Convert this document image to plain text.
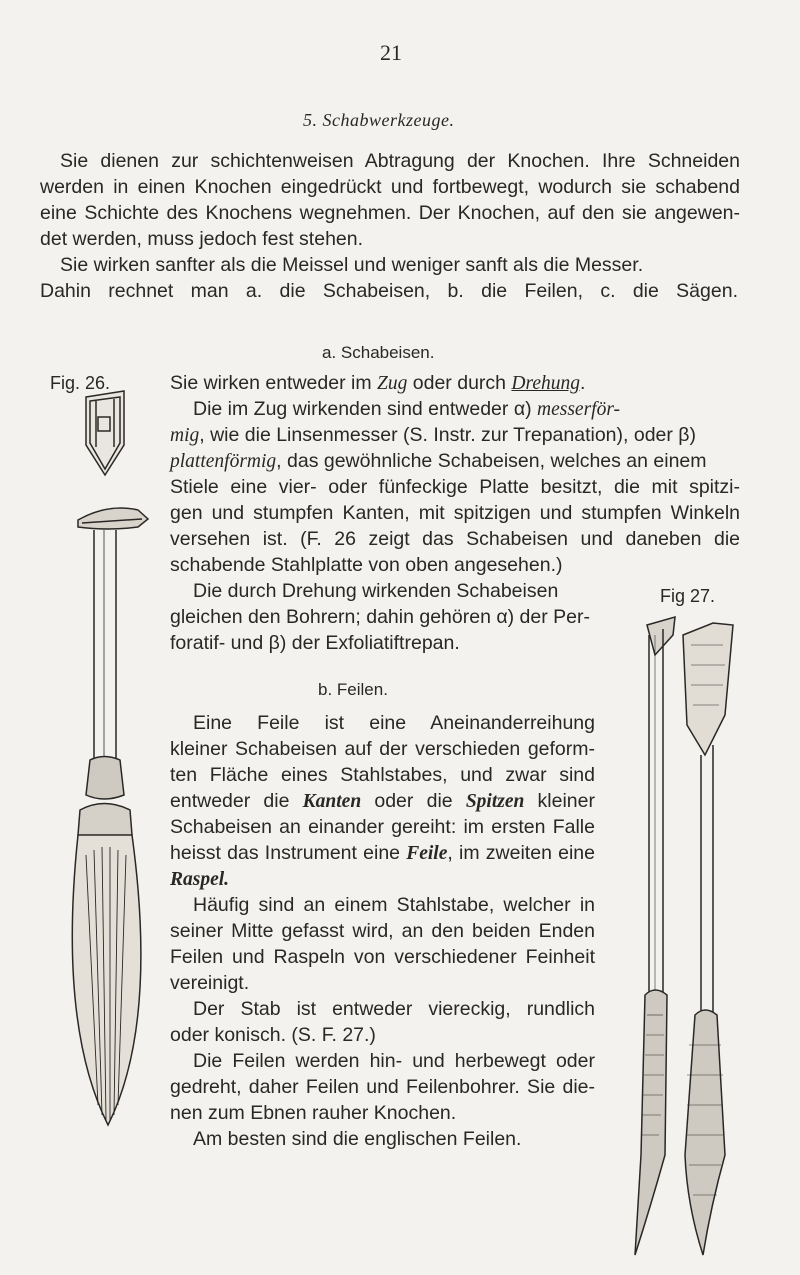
21
5. Schabwerkzeuge.
Sie dienen zur schichtenweisen Abtragung der Knochen. Ihre Schneiden
werden in einen Knochen eingedrückt und fortbewegt, wodurch sie schabend
eine Schichte des Knochens wegnehmen. Der Knochen, auf den sie angewen-
det werden, muss jedoch fest stehen.
Sie wirken sanfter als die Meissel und weniger sanft als die Messer.
Dahin rechnet man a. die Schabeisen, b. die Feilen, c. die Sägen.
a. Schabeisen.
Fig. 26.
Fig 27.
Sie wirken entweder im Zug oder durch Drehung.
Die im Zug wirkenden sind entweder α) messerför-
mig, wie die Linsenmesser (S. Instr. zur Trepanation), oder β)
plattenförmig, das gewöhnliche Schabeisen, welches an einem
Stiele eine vier- oder fünfeckige Platte besitzt, die mit spitzi-
gen und stumpfen Kanten, mit spitzigen und stumpfen Winkeln
versehen ist. (F. 26 zeigt das Schabeisen und daneben die
schabende Stahlplatte von oben angesehen.)
Die durch Drehung wirkenden Schabeisen
gleichen den Bohrern; dahin gehören α) der Per-
foratif- und β) der Exfoliatiftrepan.
b. Feilen.
Eine Feile ist eine Aneinanderreihung
kleiner Schabeisen auf der verschieden geform-
ten Fläche eines Stahlstabes, und zwar sind
entweder die Kanten oder die Spitzen kleiner
Schabeisen an einander gereiht: im ersten Falle
heisst das Instrument eine Feile, im zweiten eine
Raspel.
Häufig sind an einem Stahlstabe, welcher in
seiner Mitte gefasst wird, an den beiden Enden
Feilen und Raspeln von verschiedener Feinheit
vereinigt.
Der Stab ist entweder viereckig, rundlich
oder konisch. (S. F. 27.)
Die Feilen werden hin- und herbewegt oder
gedreht, daher Feilen und Feilenbohrer. Sie die-
nen zum Ebnen rauher Knochen.
Am besten sind die englischen Feilen.
